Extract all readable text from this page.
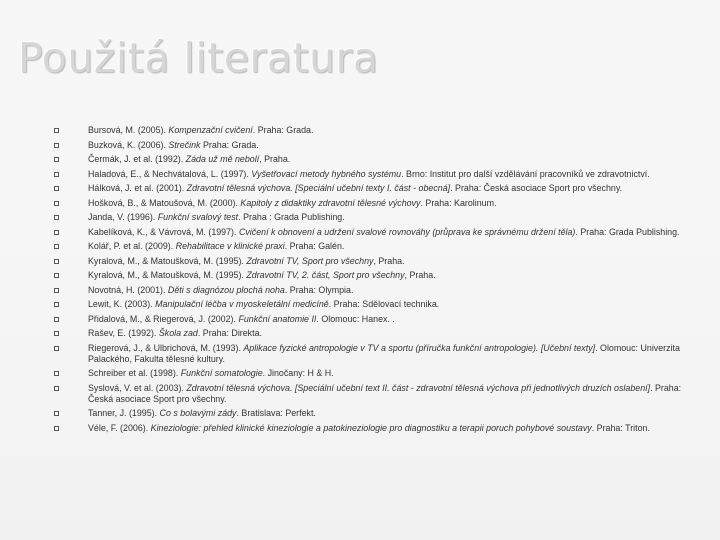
Použitá literatura
Bursová, M. (2005). Kompenzační cvičení. Praha: Grada.
Buzková, K. (2006). Strečink Praha: Grada.
Čermák, J. et al. (1992). Záda už mě nebolí, Praha.
Haladová, E., & Nechvátalová, L. (1997). Vyšetřovací metody hybného systému. Brno: Institut pro další vzdělávání pracovníků ve zdravotnictví.
Hálková, J. et al. (2001). Zdravotní tělesná výchova. [Speciální učební texty I. část - obecná]. Praha: Česká asociace Sport pro všechny.
Hošková, B., & Matoušová, M. (2000). Kapitoly z didaktiky zdravotní tělesné výchovy. Praha: Karolinum.
Janda, V. (1996). Funkční svalový test. Praha : Grada Publishing.
Kabelíková, K., & Vávrová, M. (1997). Cvičení k obnovení a udržení svalové rovnováhy (průprava ke správnému držení těla). Praha: Grada Publishing.
Kolář, P. et al. (2009). Rehabilitace v klinické praxi. Praha: Galén.
Kyralová, M., & Matoušková, M. (1995). Zdravotní TV, Sport pro všechny, Praha.
Kyralová, M., & Matoušková, M. (1995). Zdravotní TV, 2. část, Sport pro všechny, Praha.
Novotná, H. (2001). Děti s diagnózou plochá noha. Praha: Olympia.
Lewit, K. (2003). Manipulační léčba v myoskeletální medicíně. Praha: Sdělovací technika.
Přidalová, M., & Riegerová, J. (2002). Funkční anatomie II. Olomouc: Hanex. .
Rašev, E. (1992). Škola zad. Praha: Direkta.
Riegerová, J., & Ulbrichová, M. (1993). Aplikace fyzické antropologie v TV a sportu (příručka funkční antropologie). [Učební texty]. Olomouc: Univerzita Palackého, Fakulta tělesné kultury.
Schreiber et al. (1998). Funkční somatologie. Jinočany: H & H.
Syslová, V. et al. (2003). Zdravotní tělesná výchova. [Speciální učební text II. část - zdravotní tělesná výchova při jednotlivých druzích oslabení]. Praha: Česká asociace Sport pro všechny.
Tanner, J. (1995). Co s bolavými zády. Bratislava: Perfekt.
Véle, F. (2006). Kineziologie: přehled klinické kineziologie a patokineziologie pro diagnostiku a terapii poruch pohybové soustavy. Praha: Triton.
